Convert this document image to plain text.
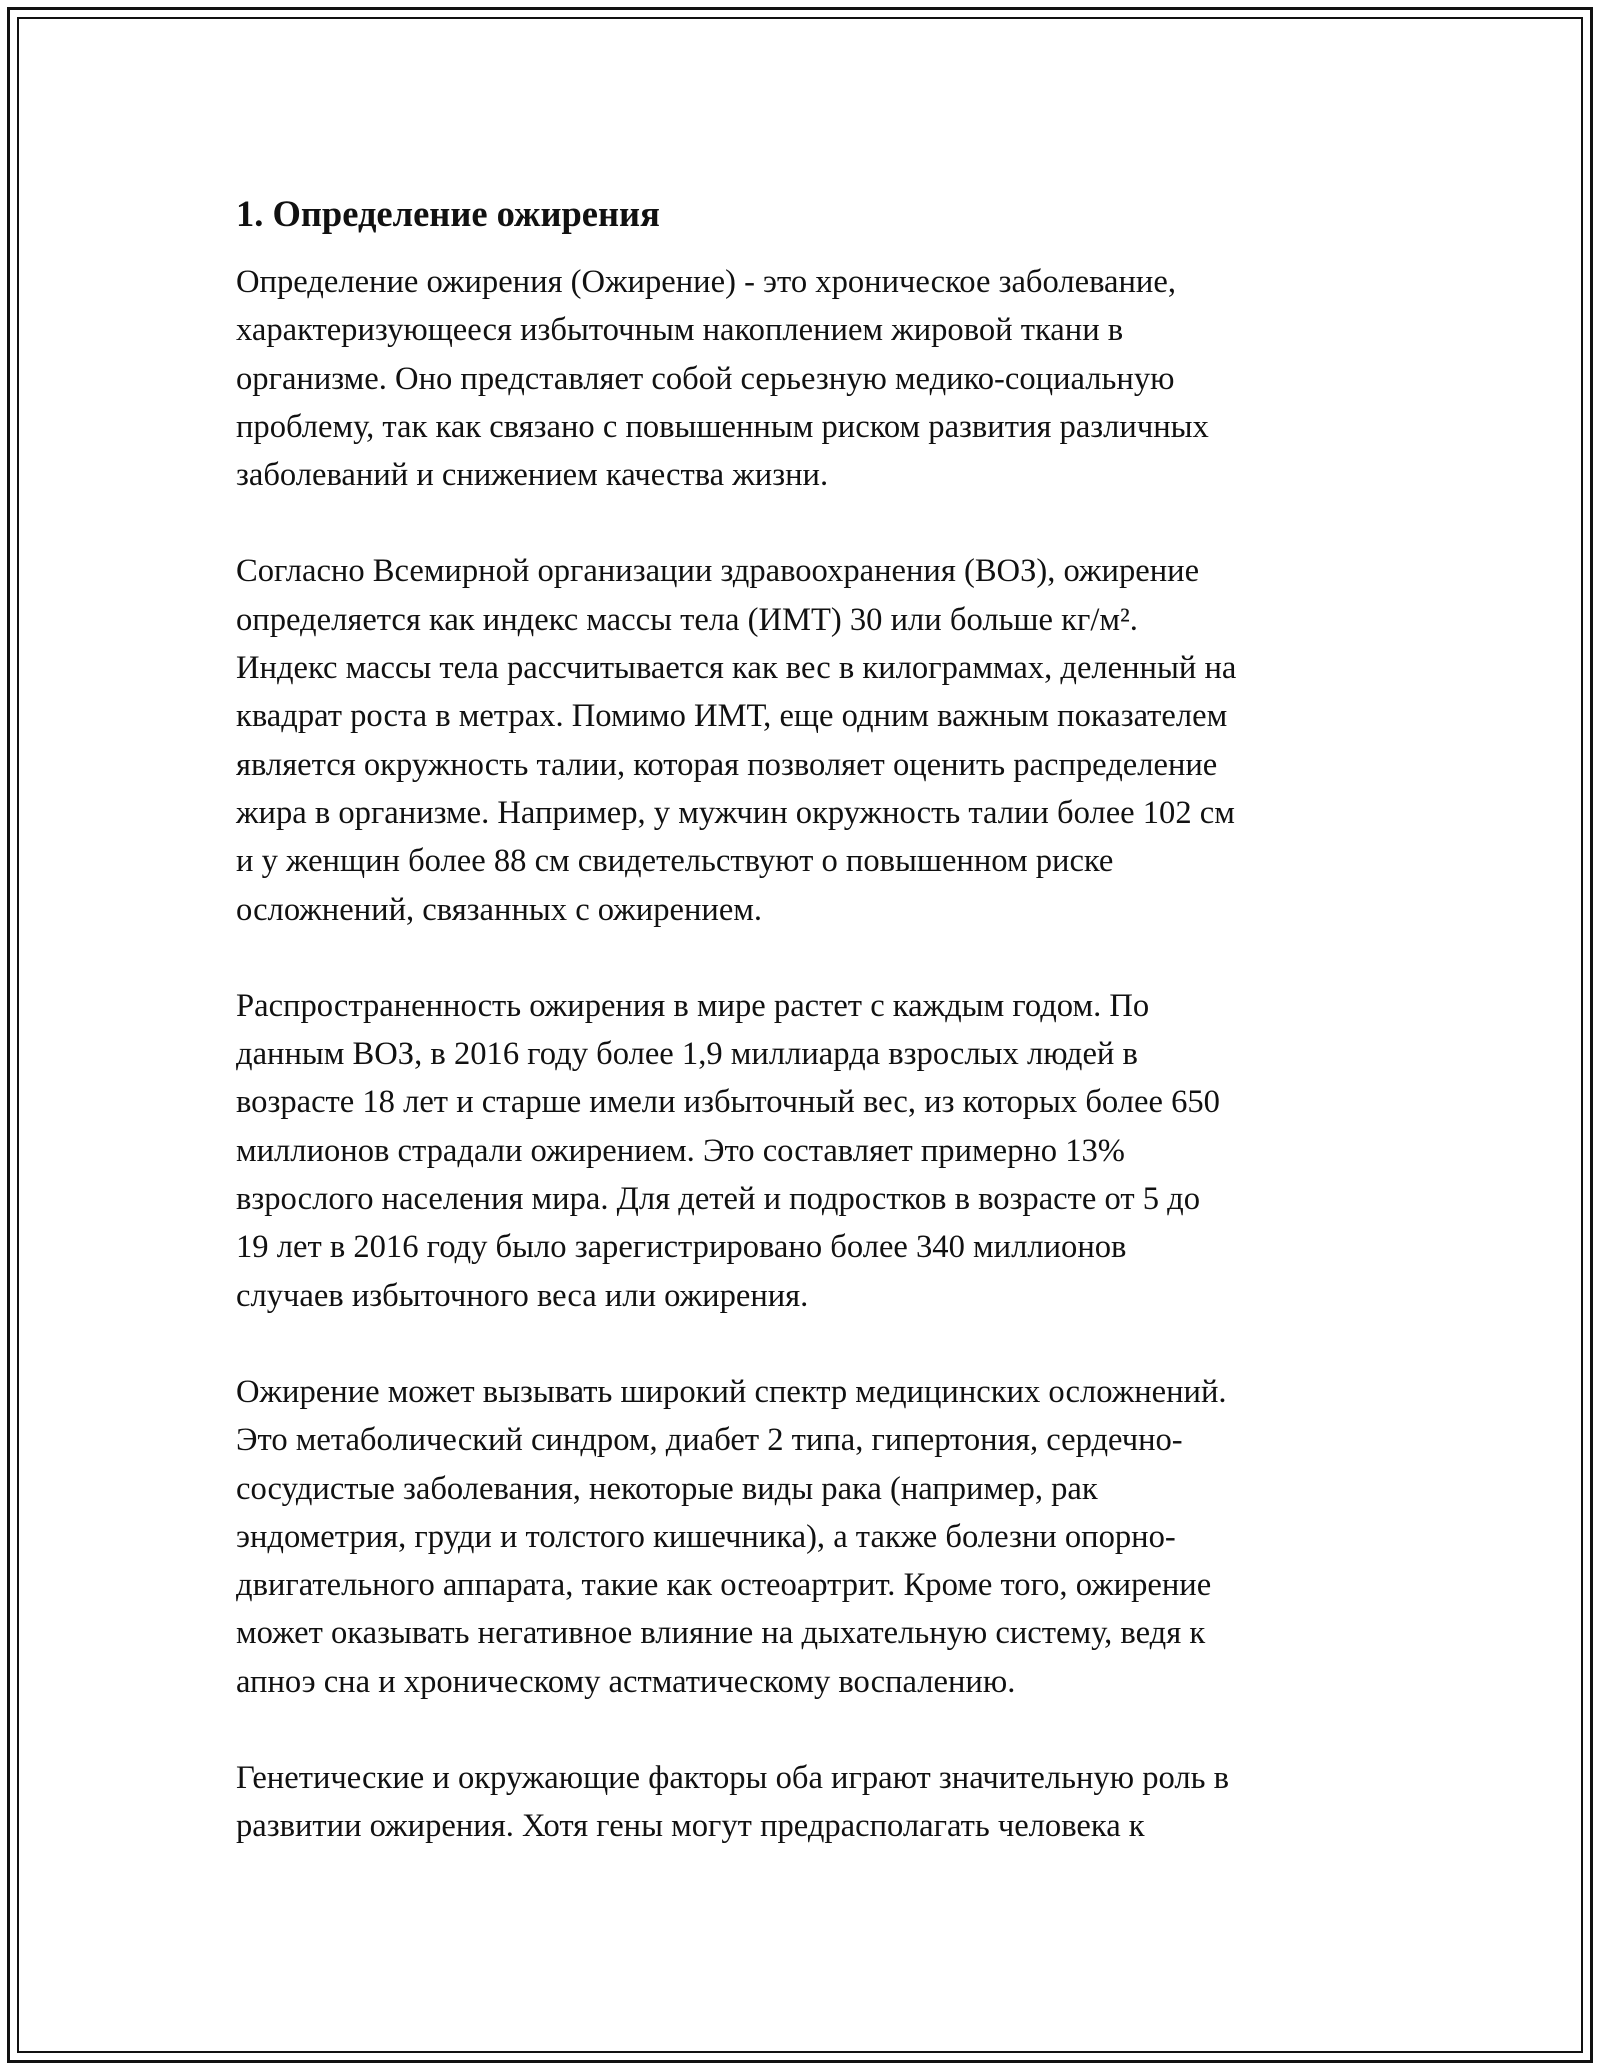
1. Определение ожирения

Определение ожирения (Ожирение) - это хроническое заболевание,
характеризующееся избыточным накоплением жировой ткани в
организме. Оно представляет собой серьезную медико-социальную
проблему, так как связано с повышенным риском развития различных
заболеваний и снижением качества жизни.

Согласно Всемирной организации здравоохранения (ВОЗ), ожирение
определяется как индекс массы тела (ИМТ) 30 или больше кг/м².
Индекс массы тела рассчитывается как вес в килограммах, деленный на
квадрат роста в метрах. Помимо ИМТ, еще одним важным показателем
является окружность талии, которая позволяет оценить распределение
жира в организме. Например, у мужчин окружность талии более 102 см
и у женщин более 88 см свидетельствуют о повышенном риске
осложнений, связанных с ожирением.

Распространенность ожирения в мире растет с каждым годом. По
данным ВОЗ, в 2016 году более 1,9 миллиарда взрослых людей в
возрасте 18 лет и старше имели избыточный вес, из которых более 650
миллионов страдали ожирением. Это составляет примерно 13%
взрослого населения мира. Для детей и подростков в возрасте от 5 до
19 лет в 2016 году было зарегистрировано более 340 миллионов
случаев избыточного веса или ожирения.

Ожирение может вызывать широкий спектр медицинских осложнений.
Это метаболический синдром, диабет 2 типа, гипертония, сердечно-
сосудистые заболевания, некоторые виды рака (например, рак
эндометрия, груди и толстого кишечника), а также болезни опорно-
двигательного аппарата, такие как остеоартрит. Кроме того, ожирение
может оказывать негативное влияние на дыхательную систему, ведя к
апноэ сна и хроническому астматическому воспалению.

Генетические и окружающие факторы оба играют значительную роль в
развитии ожирения. Хотя гены могут предрасполагать человека к
